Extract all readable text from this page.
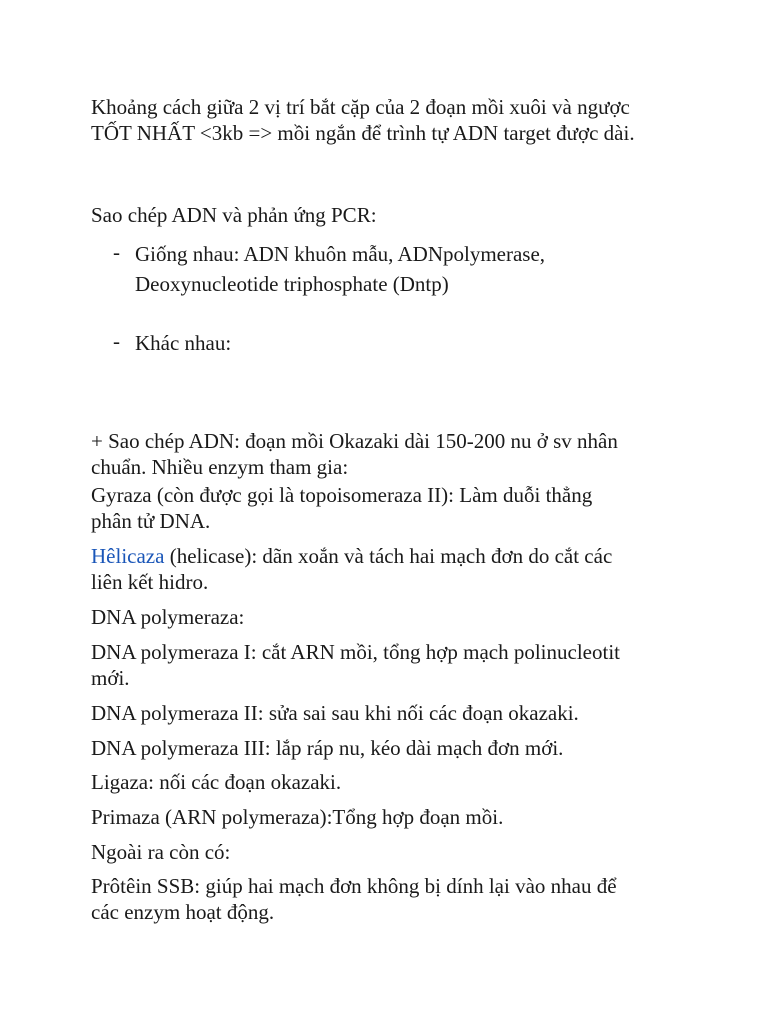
Khoảng cách giữa 2 vị trí bắt cặp của 2 đoạn mồi xuôi và ngược
TỐT NHẤT <3kb => mồi ngắn để trình tự ADN target được dài.

Sao chép ADN và phản ứng PCR:

- Giống nhau: ADN khuôn mẫu, ADNpolymerase,
Deoxynucleotide triphosphate (Dntp)
- Khác nhau:

+ Sao chép ADN: đoạn mồi Okazaki dài 150-200 nu ở sv nhân
chuẩn. Nhiều enzym tham gia:

Gyraza (còn được gọi là topoisomeraza II): Làm duỗi thẳng
phân tử DNA.

Hêlicaza (helicase): dãn xoắn và tách hai mạch đơn do cắt các
liên kết hidro.

DNA polymeraza:

DNA polymeraza I: cắt ARN mồi, tổng hợp mạch polinucleotit
mới.

DNA polymeraza II: sửa sai sau khi nối các đoạn okazaki.

DNA polymeraza III: lắp ráp nu, kéo dài mạch đơn mới.

Ligaza: nối các đoạn okazaki.

Primaza (ARN polymeraza):Tổng hợp đoạn mồi.

Ngoài ra còn có:

Prôtêin SSB: giúp hai mạch đơn không bị dính lại vào nhau để
các enzym hoạt động.
